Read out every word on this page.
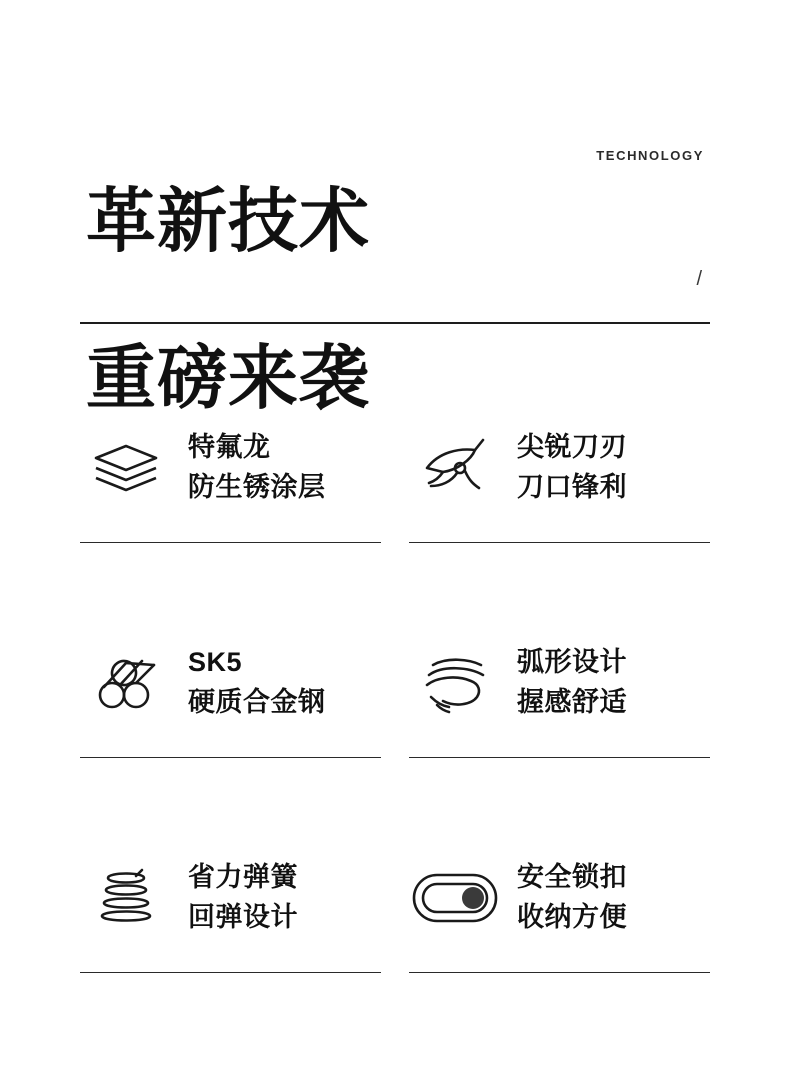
革新技术

重磅来袭

TECHNOLOGY
/
特氟龙
防生锈涂层
尖锐刀刃
刀口锋利
SK5
硬质合金钢
弧形设计
握感舒适
省力弹簧
回弹设计
安全锁扣
收纳方便
